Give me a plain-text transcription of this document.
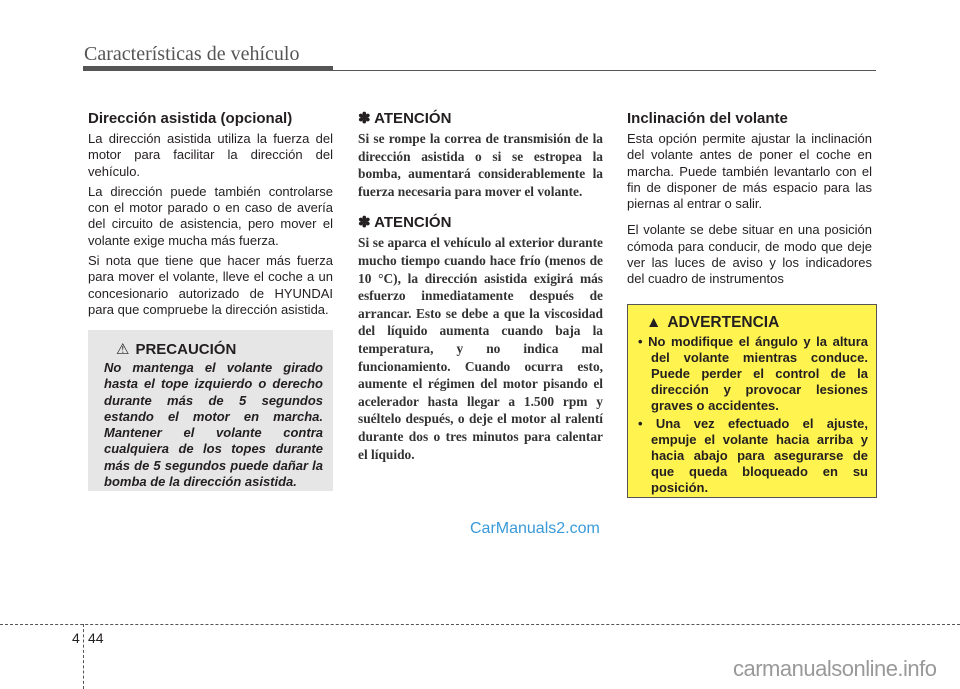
Características de vehículo
Dirección asistida (opcional)

La dirección asistida utiliza la fuerza del motor para facilitar la dirección del vehículo.

La dirección puede también controlarse con el motor parado o en caso de avería del circuito de asistencia, pero mover el volante exige mucha más fuerza.

Si nota que tiene que hacer más fuerza para mover el volante, lleve el coche a un concesionario autorizado de HYUNDAI para que compruebe la dirección asistida.

⚠ PRECAUCIÓN

No mantenga el volante girado hasta el tope izquierdo o derecho durante más de 5 segundos estando el motor en marcha. Mantener el volante contra cualquiera de los topes durante más de 5 segundos puede dañar la bomba de la dirección asistida.

✽ ATENCIÓN

Si se rompe la correa de transmisión de la dirección asistida o si se estropea la bomba, aumentará considerablemente la fuerza necesaria para mover el volante.

✽ ATENCIÓN

Si se aparca el vehículo al exterior durante mucho tiempo cuando hace frío (menos de 10 °C), la dirección asistida exigirá más esfuerzo inmediatamente después de arrancar. Esto se debe a que la viscosidad del líquido aumenta cuando baja la temperatura, y no indica mal funcionamiento. Cuando ocurra esto, aumente el régimen del motor pisando el acelerador hasta llegar a 1.500 rpm y suéltelo después, o deje el motor al ralentí durante dos o tres minutos para calentar el líquido.

CarManuals2.com
Inclinación del volante

Esta opción permite ajustar la inclinación del volante antes de poner el coche en marcha. Puede también levantarlo con el fin de disponer de más espacio para las piernas al entrar o salir.

El volante se debe situar en una posición cómoda para conducir, de modo que deje ver las luces de aviso y los indicadores del cuadro de instrumentos

▲ ADVERTENCIA
• No modifique el ángulo y la altura del volante mientras conduce. Puede perder el control de la dirección y provocar lesiones graves o accidentes.
• Una vez efectuado el ajuste, empuje el volante hacia arriba y hacia abajo para asegurarse de que queda bloqueado en su posición.
4 44
carmanualsonline.info
